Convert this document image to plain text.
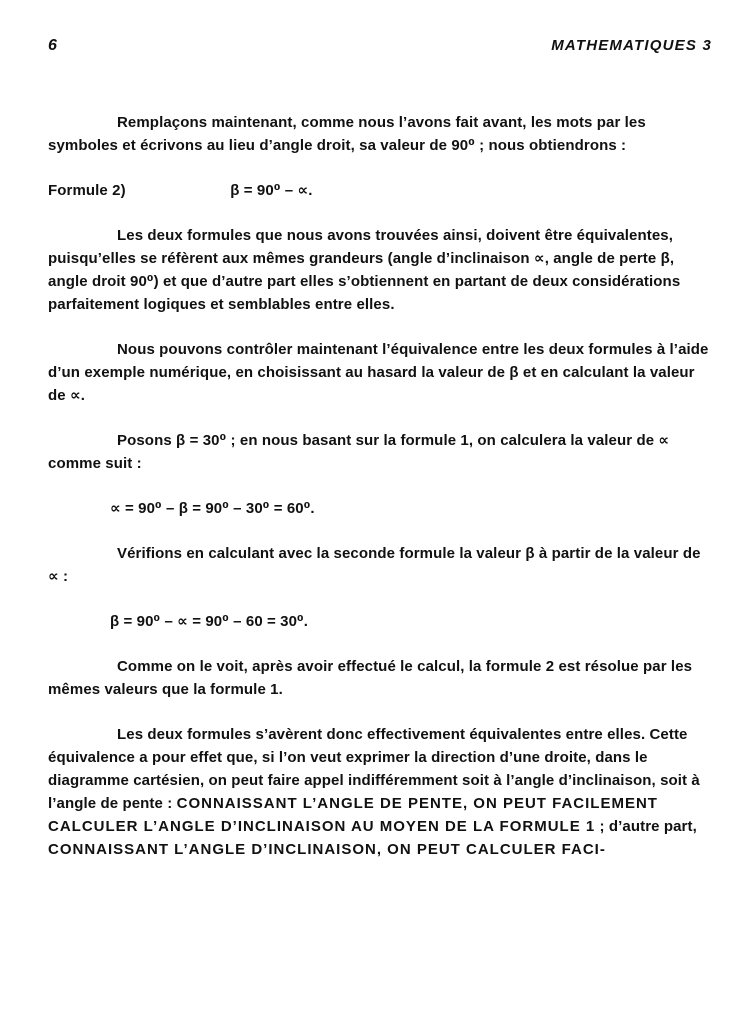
6	MATHEMATIQUES 3

Remplaçons maintenant, comme nous l’avons fait avant, les mots par les symboles et écrivons au lieu d’angle droit, sa valeur de 90⁰ ; nous obtiendrons :

Formule 2)	β = 90⁰ – ∝.

Les deux formules que nous avons trouvées ainsi, doivent être équivalentes, puisqu’elles se réfèrent aux mêmes grandeurs (angle d’inclinaison ∝, angle de perte β, angle droit 90⁰) et que d’autre part elles s’obtiennent en partant de deux considérations parfaitement logiques et semblables entre elles.

Nous pouvons contrôler maintenant l’équivalence entre les deux formules à l’aide d’un exemple numérique, en choisissant au hasard la valeur de β et en calculant la valeur de ∝.

Posons β = 30⁰ ; en nous basant sur la formule 1, on calculera la valeur de ∝ comme suit :

∝ = 90⁰ – β = 90⁰ – 30⁰ = 60⁰.

Vérifions en calculant avec la seconde formule la valeur β à partir de la valeur de ∝ :

β = 90⁰ – ∝ = 90⁰ – 60 = 30⁰.

Comme on le voit, après avoir effectué le calcul, la formule 2 est résolue par les mêmes valeurs que la formule 1.

Les deux formules s’avèrent donc effectivement équivalentes entre elles. Cette équivalence a pour effet que, si l’on veut exprimer la direction d’une droite, dans le diagramme cartésien, on peut faire appel indifféremment soit à l’angle d’inclinaison, soit à l’angle de pente : CONNAISSANT L’ANGLE DE PENTE, ON PEUT FACILEMENT CALCULER L’ANGLE D’INCLINAISON AU MOYEN DE LA FORMULE 1 ; d’autre part, CONNAISSANT L’ANGLE D’INCLINAISON, ON PEUT CALCULER FACI-
